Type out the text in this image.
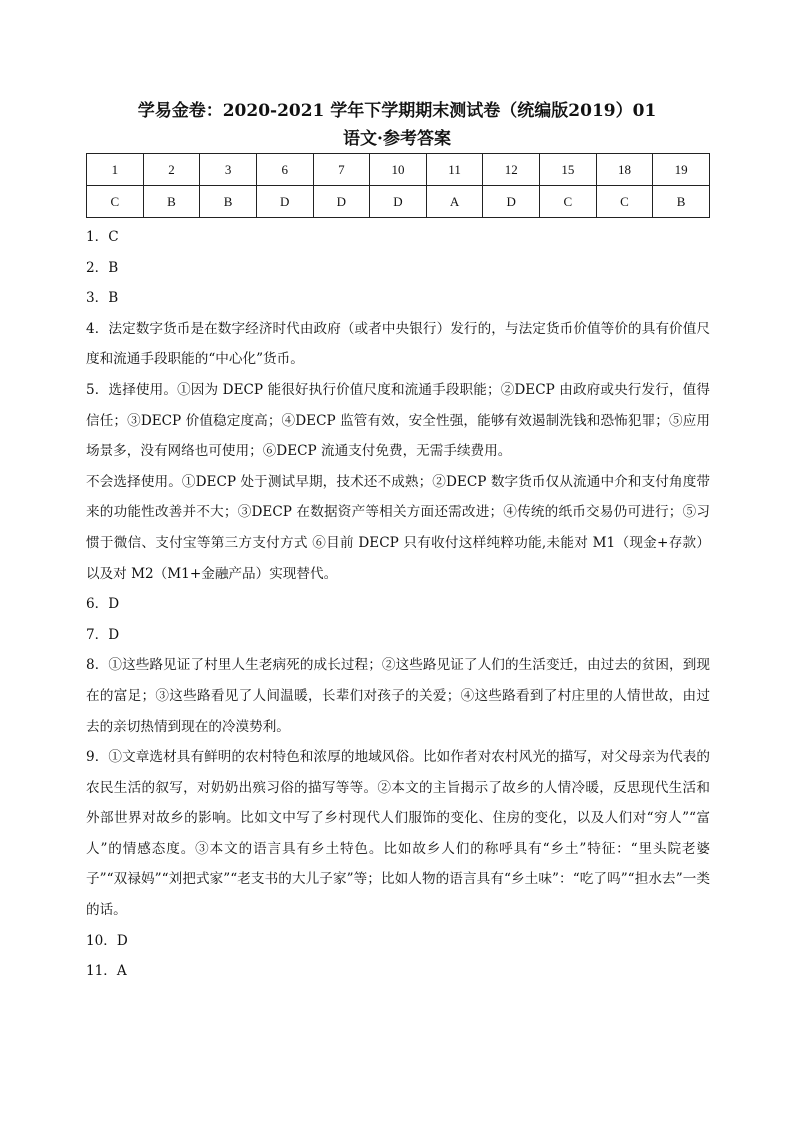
学易金卷：2020-2021 学年下学期期末测试卷（统编版2019）01
语文·参考答案
1	2	3	6	7	10	11	12	15	18	19
C	B	B	D	D	D	A	D	C	C	B

1．C

2．B

3．B

4．法定数字货币是在数字经济时代由政府（或者中央银行）发行的，与法定货币价值等价的具有价值尺度和流通手段职能的“中心化”货币。

5．选择使用。①因为 DECP 能很好执行价值尺度和流通手段职能；②DECP 由政府或央行发行，值得信任；③DECP 价值稳定度高；④DECP 监管有效，安全性强，能够有效遏制洗钱和恐怖犯罪；⑤应用场景多，没有网络也可使用；⑥DECP 流通支付免费，无需手续费用。

不会选择使用。①DECP 处于测试早期，技术还不成熟；②DECP 数字货币仅从流通中介和支付角度带来的功能性改善并不大；③DECP 在数据资产等相关方面还需改进；④传统的纸币交易仍可进行；⑤习惯于微信、支付宝等第三方支付方式 ⑥目前 DECP 只有收付这样纯粹功能,未能对 M1（现金+存款）以及对 M2（M1+金融产品）实现替代。

6．D

7．D

8．①这些路见证了村里人生老病死的成长过程；②这些路见证了人们的生活变迁，由过去的贫困，到现在的富足；③这些路看见了人间温暖，长辈们对孩子的关爱；④这些路看到了村庄里的人情世故，由过去的亲切热情到现在的冷漠势利。

9．①文章选材具有鲜明的农村特色和浓厚的地域风俗。比如作者对农村风光的描写，对父母亲为代表的农民生活的叙写，对奶奶出殡习俗的描写等等。②本文的主旨揭示了故乡的人情冷暖，反思现代生活和外部世界对故乡的影响。比如文中写了乡村现代人们服饰的变化、住房的变化，以及人们对“穷人”“富人”的情感态度。③本文的语言具有乡土特色。比如故乡人们的称呼具有“乡土”特征：“里头院老婆子”“双禄妈”“刘把式家”“老支书的大儿子家”等；比如人物的语言具有“乡土味”：“吃了吗”“担水去”一类的话。

10．D

11．A
